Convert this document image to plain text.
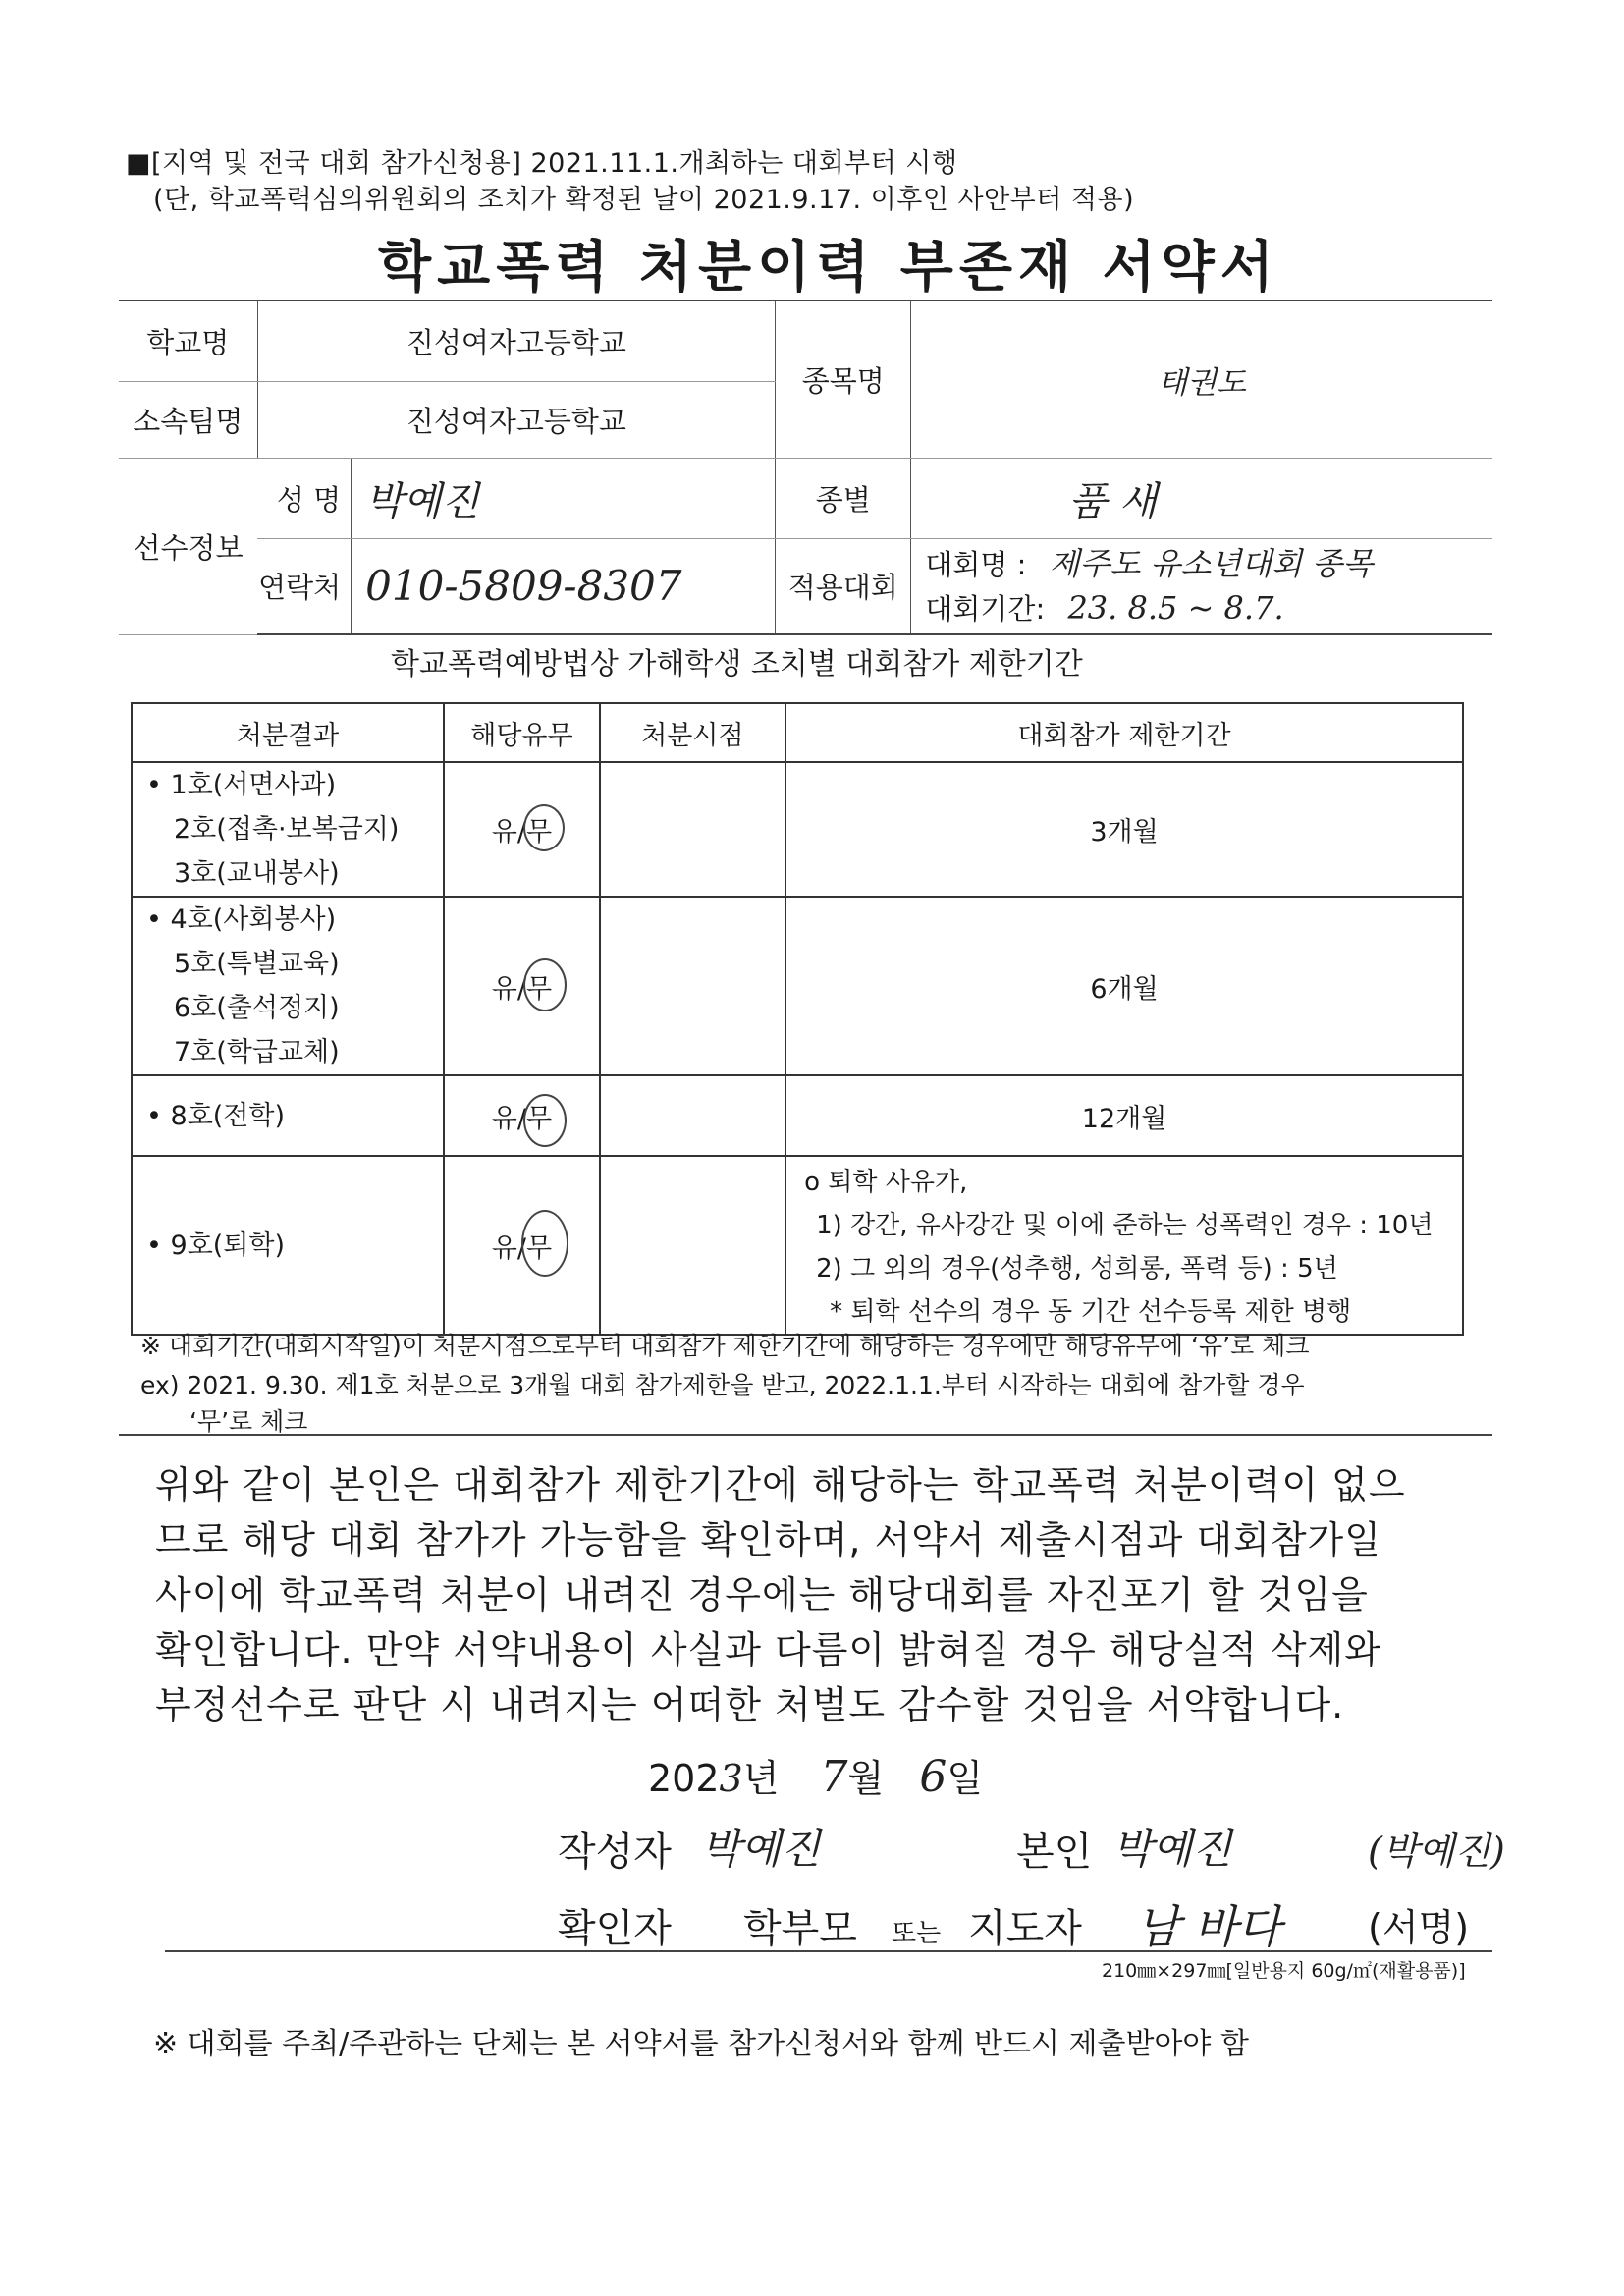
■[지역 및 전국 대회 참가신청용] 2021.11.1.개최하는 대회부터 시행
(단, 학교폭력심의위원회의 조치가 확정된 날이 2021.9.17. 이후인 사안부터 적용)
학교폭력 처분이력 부존재 서약서
학교명	진성여자고등학교		종목명	태권도
소속팀명	진성여자고등학교			
선수정보	성 명	박예진	종별	품 새
	연락처	010-5809-8307	적용대회	대회명 : 제주도 유소년대회 종목
대회기간: 23. 8.5 ~ 8.7.
학교폭력예방법상 가해학생 조치별 대회참가 제한기간
처분결과	해당유무	처분시점	대회참가 제한기간

• 1호(서면사과)
2호(접촉·보복금지)
3호(교내봉사)	유/무		3개월

• 4호(사회봉사)
5호(특별교육)
6호(출석정지)
7호(학급교체)	유/무		6개월

• 8호(전학)	유/무		12개월

• 9호(퇴학)	유/무		o 퇴학 사유가,
1) 강간, 유사강간 및 이에 준하는 성폭력인 경우 : 10년
2) 그 외의 경우(성추행, 성희롱, 폭력 등) : 5년
* 퇴학 선수의 경우 동 기간 선수등록 제한 병행
※ 대회기간(대회시작일)이 처분시점으로부터 대회참가 제한기간에 해당하는 경우에만 해당유무에 ‘유’로 체크
ex) 2021. 9.30. 제1호 처분으로 3개월 대회 참가제한을 받고, 2022.1.1.부터 시작하는 대회에 참가할 경우
‘무’로 체크
위와 같이 본인은 대회참가 제한기간에 해당하는 학교폭력 처분이력이 없으
므로 해당 대회 참가가 가능함을 확인하며, 서약서 제출시점과 대회참가일
사이에 학교폭력 처분이 내려진 경우에는 해당대회를 자진포기 할 것임을
확인합니다. 만약 서약내용이 사실과 다름이 밝혀질 경우 해당실적 삭제와
부정선수로 판단 시 내려지는 어떠한 처벌도 감수할 것임을 서약합니다.
2023년 7월 6일
작성자 박예진	본인 박예진	(박예진)
확인자 학부모 또는 지도자 남 바다 (서명)
210㎜×297㎜[일반용지 60g/㎡(재활용품)]
※ 대회를 주최/주관하는 단체는 본 서약서를 참가신청서와 함께 반드시 제출받아야 함
